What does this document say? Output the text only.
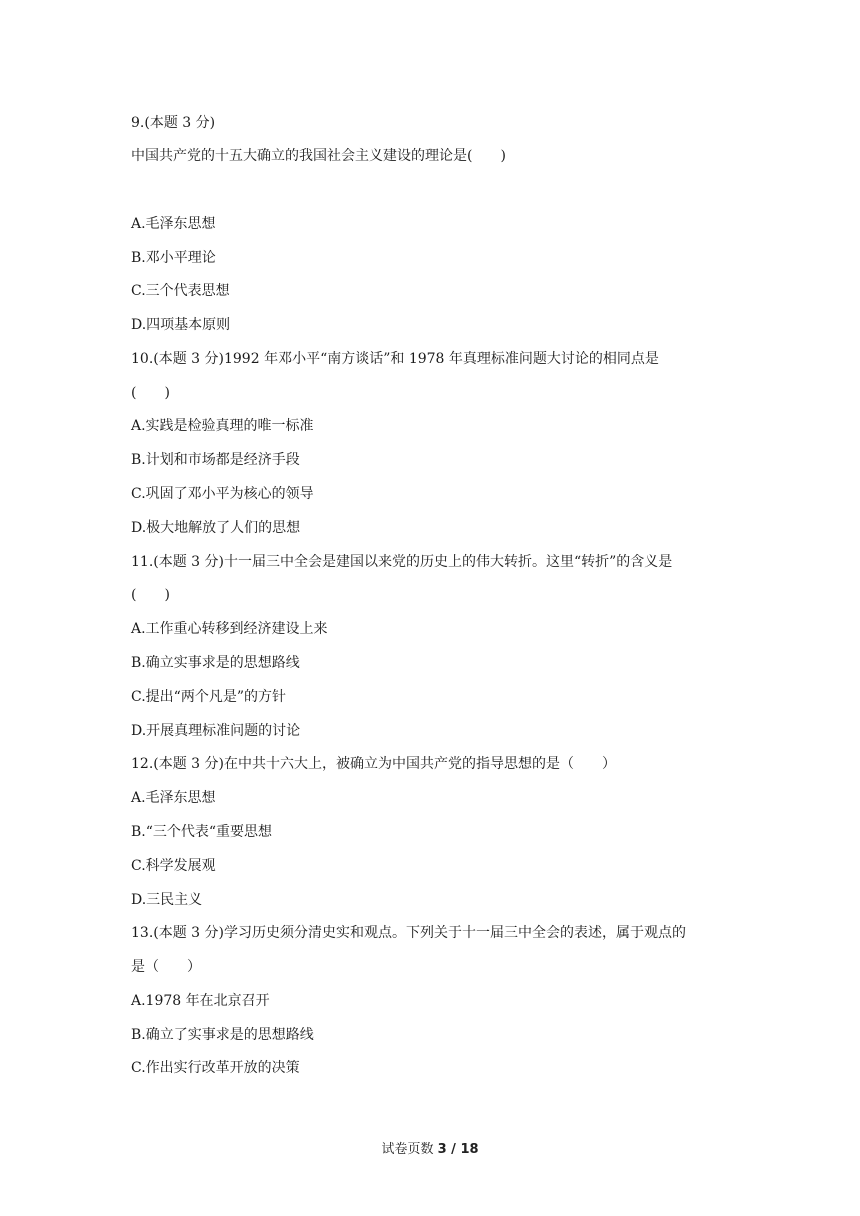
9.(本题 3 分)
中国共产党的十五大确立的我国社会主义建设的理论是(　　)
A.毛泽东思想
B.邓小平理论
C.三个代表思想
D.四项基本原则
10.(本题 3 分)1992 年邓小平“南方谈话”和 1978 年真理标准问题大讨论的相同点是
(　　)
A.实践是检验真理的唯一标准
B.计划和市场都是经济手段
C.巩固了邓小平为核心的领导
D.极大地解放了人们的思想
11.(本题 3 分)十一届三中全会是建国以来党的历史上的伟大转折。这里“转折”的含义是
(　　)
A.工作重心转移到经济建设上来
B.确立实事求是的思想路线
C.提出“两个凡是”的方针
D.开展真理标准问题的讨论
12.(本题 3 分)在中共十六大上，被确立为中国共产党的指导思想的是（　　）
A.毛泽东思想
B.“三个代表“重要思想
C.科学发展观
D.三民主义
13.(本题 3 分)学习历史须分清史实和观点。下列关于十一届三中全会的表述，属于观点的
是（　　）
A.1978 年在北京召开
B.确立了实事求是的思想路线
C.作出实行改革开放的决策
试卷页数 3 / 18
